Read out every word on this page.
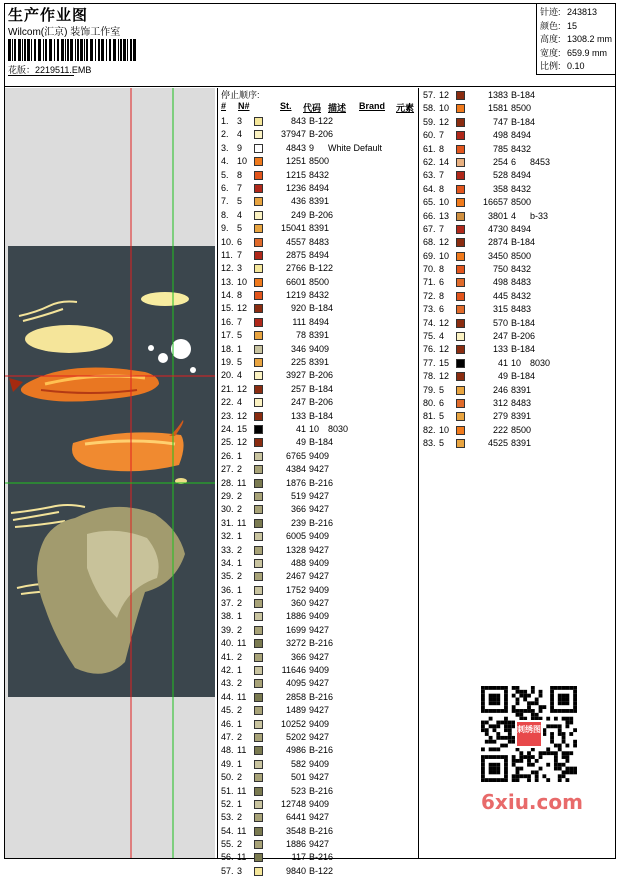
生产作业图
Wilcom(汇京) 装饰工作室
花版：2219511.EMB
针迹: 243813
颜色: 15
高度: 1308.2 mm
宽度: 659.9 mm
比例: 0.10
停止顺序:
# N#	St. 代码 描述 Brand 元素
1. 3	843 B-122
2. 4	37947 B-206
3. 9	4843 9 White Default
4. 10	1251 8500
5. 8	1215 8432
6. 7	1236 8494
7. 5	436 8391
8. 4	249 B-206
9. 5	15041 8391
10. 6	4557 8483
11. 7	2875 8494
12. 3	2766 B-122
13. 10	6601 8500
14. 8	1219 8432
15. 12	920 B-184
16. 7	111 8494
17. 5	78 8391
18. 1	346 9409
19. 5	225 8391
20. 4	3927 B-206
21. 12	257 B-184
22. 4	247 B-206
23. 12	133 B-184
24. 15	41 10 8030
25. 12	49 B-184
26. 1	6765 9409
27. 2	4384 9427
28. 11	1876 B-216
29. 2	519 9427
30. 2	366 9427
31. 11	239 B-216
32. 1	6005 9409
33. 2	1328 9427
34. 1	488 9409
35. 2	2467 9427
36. 1	1752 9409
37. 2	360 9427
38. 1	1886 9409
39. 2	1699 9427
40. 11	3272 B-216
41. 2	366 9427
42. 1	11646 9409
43. 2	4095 9427
44. 11	2858 B-216
45. 2	1489 9427
46. 1	10252 9409
47. 2	5202 9427
48. 11	4986 B-216
49. 1	582 9409
50. 2	501 9427
51. 11	523 B-216
52. 1	12748 9409
53. 2	6441 9427
54. 11	3548 B-216
55. 2	1886 9427
56. 11	117 B-216
57. 3	9840 B-122
57. 12	1383 B-184
58. 10	1581 8500
59. 12	747 B-184
60. 7	498 8494
61. 8	785 8432
62. 14	254 6 8453
63. 7	528 8494
64. 8	358 8432
65. 10	16657 8500
66. 13	3801 4 b-33
67. 7	4730 8494
68. 12	2874 B-184
69. 10	3450 8500
70. 8	750 8432
71. 6	498 8483
72. 8	445 8432
73. 6	315 8483
74. 12	570 B-184
75. 4	247 B-206
76. 12	133 B-184
77. 15	41 10 8030
78. 12	49 B-184
79. 5	246 8391
80. 6	312 8483
81. 5	279 8391
82. 10	222 8500
83. 5	4525 8391
刺绣图
6xiu.com
